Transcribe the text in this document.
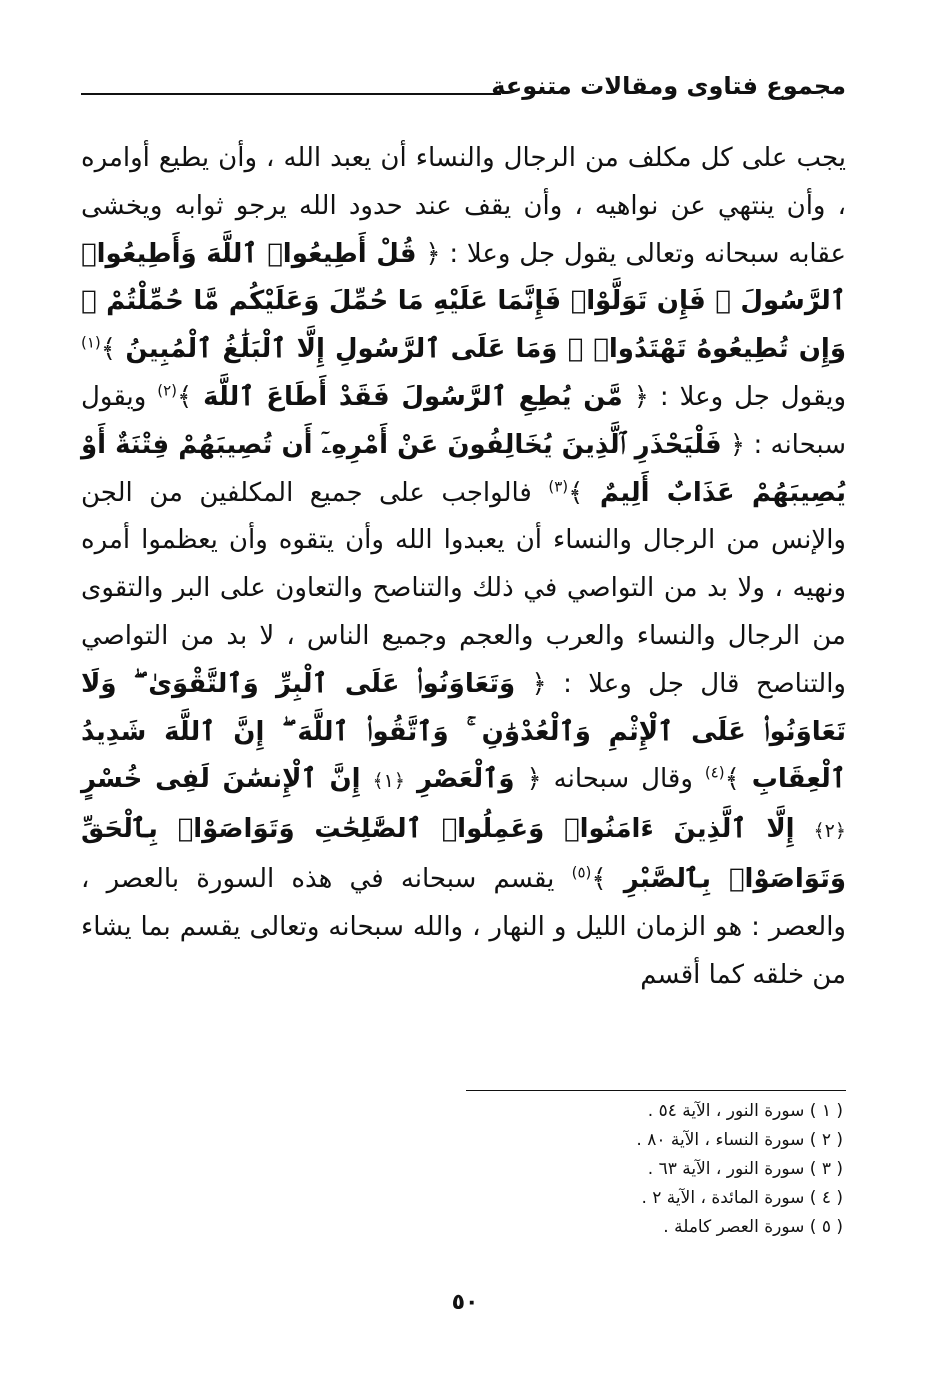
مجموع فتاوى ومقالات متنوعة

يجب على كل مكلف من الرجال والنساء أن يعبد الله ، وأن يطيع أوامره ، وأن ينتهي عن نواهيه ، وأن يقف عند حدود الله يرجو ثوابه ويخشى عقابه سبحانه وتعالى يقول جل وعلا : ﴿ قُلْ أَطِيعُوا۟ ٱللَّهَ وَأَطِيعُوا۟ ٱلرَّسُولَ ۖ فَإِن تَوَلَّوْا۟ فَإِنَّمَا عَلَيْهِ مَا حُمِّلَ وَعَلَيْكُم مَّا حُمِّلْتُمْ ۖ وَإِن تُطِيعُوهُ تَهْتَدُوا۟ ۚ وَمَا عَلَى ٱلرَّسُولِ إِلَّا ٱلْبَلَٰغُ ٱلْمُبِينُ ﴾$^{(١)}$ ويقول جل وعلا : ﴿ مَّن يُطِعِ ٱلرَّسُولَ فَقَدْ أَطَاعَ ٱللَّهَ ﴾$^{(٢)}$ ويقول سبحانه : ﴿ فَلْيَحْذَرِ ٱلَّذِينَ يُخَالِفُونَ عَنْ أَمْرِهِۦٓ أَن تُصِيبَهُمْ فِتْنَةٌ أَوْ يُصِيبَهُمْ عَذَابٌ أَلِيمٌ ﴾$^{(٣)}$ فالواجب على جميع المكلفين من الجن والإنس من الرجال والنساء أن يعبدوا الله وأن يتقوه وأن يعظموا أمره ونهيه ، ولا بد من التواصي في ذلك والتناصح والتعاون على البر والتقوى من الرجال والنساء والعرب والعجم وجميع الناس ، لا بد من التواصي والتناصح قال جل وعلا : ﴿ وَتَعَاوَنُوا۟ عَلَى ٱلْبِرِّ وَٱلتَّقْوَىٰ ۖ وَلَا تَعَاوَنُوا۟ عَلَى ٱلْإِثْمِ وَٱلْعُدْوَٰنِ ۚ وَٱتَّقُوا۟ ٱللَّهَ ۖ إِنَّ ٱللَّهَ شَدِيدُ ٱلْعِقَابِ ﴾$^{(٤)}$ وقال سبحانه ﴿ وَٱلْعَصْرِ ﴿١﴾ إِنَّ ٱلْإِنسَٰنَ لَفِى خُسْرٍ ﴿٢﴾ إِلَّا ٱلَّذِينَ ءَامَنُوا۟ وَعَمِلُوا۟ ٱلصَّٰلِحَٰتِ وَتَوَاصَوْا۟ بِٱلْحَقِّ وَتَوَاصَوْا۟ بِٱلصَّبْرِ ﴾$^{(٥)}$ يقسم سبحانه في هذه السورة بالعصر ، والعصر : هو الزمان الليل و النهار ، والله سبحانه وتعالى يقسم بما يشاء من خلقه كما أقسم

( ١ ) سورة النور ، الآية ٥٤ .
( ٢ ) سورة النساء ، الآية ٨٠ .
( ٣ ) سورة النور ، الآية ٦٣ .
( ٤ ) سورة المائدة ، الآية ٢ .
( ٥ ) سورة العصر كاملة .
٥٠
